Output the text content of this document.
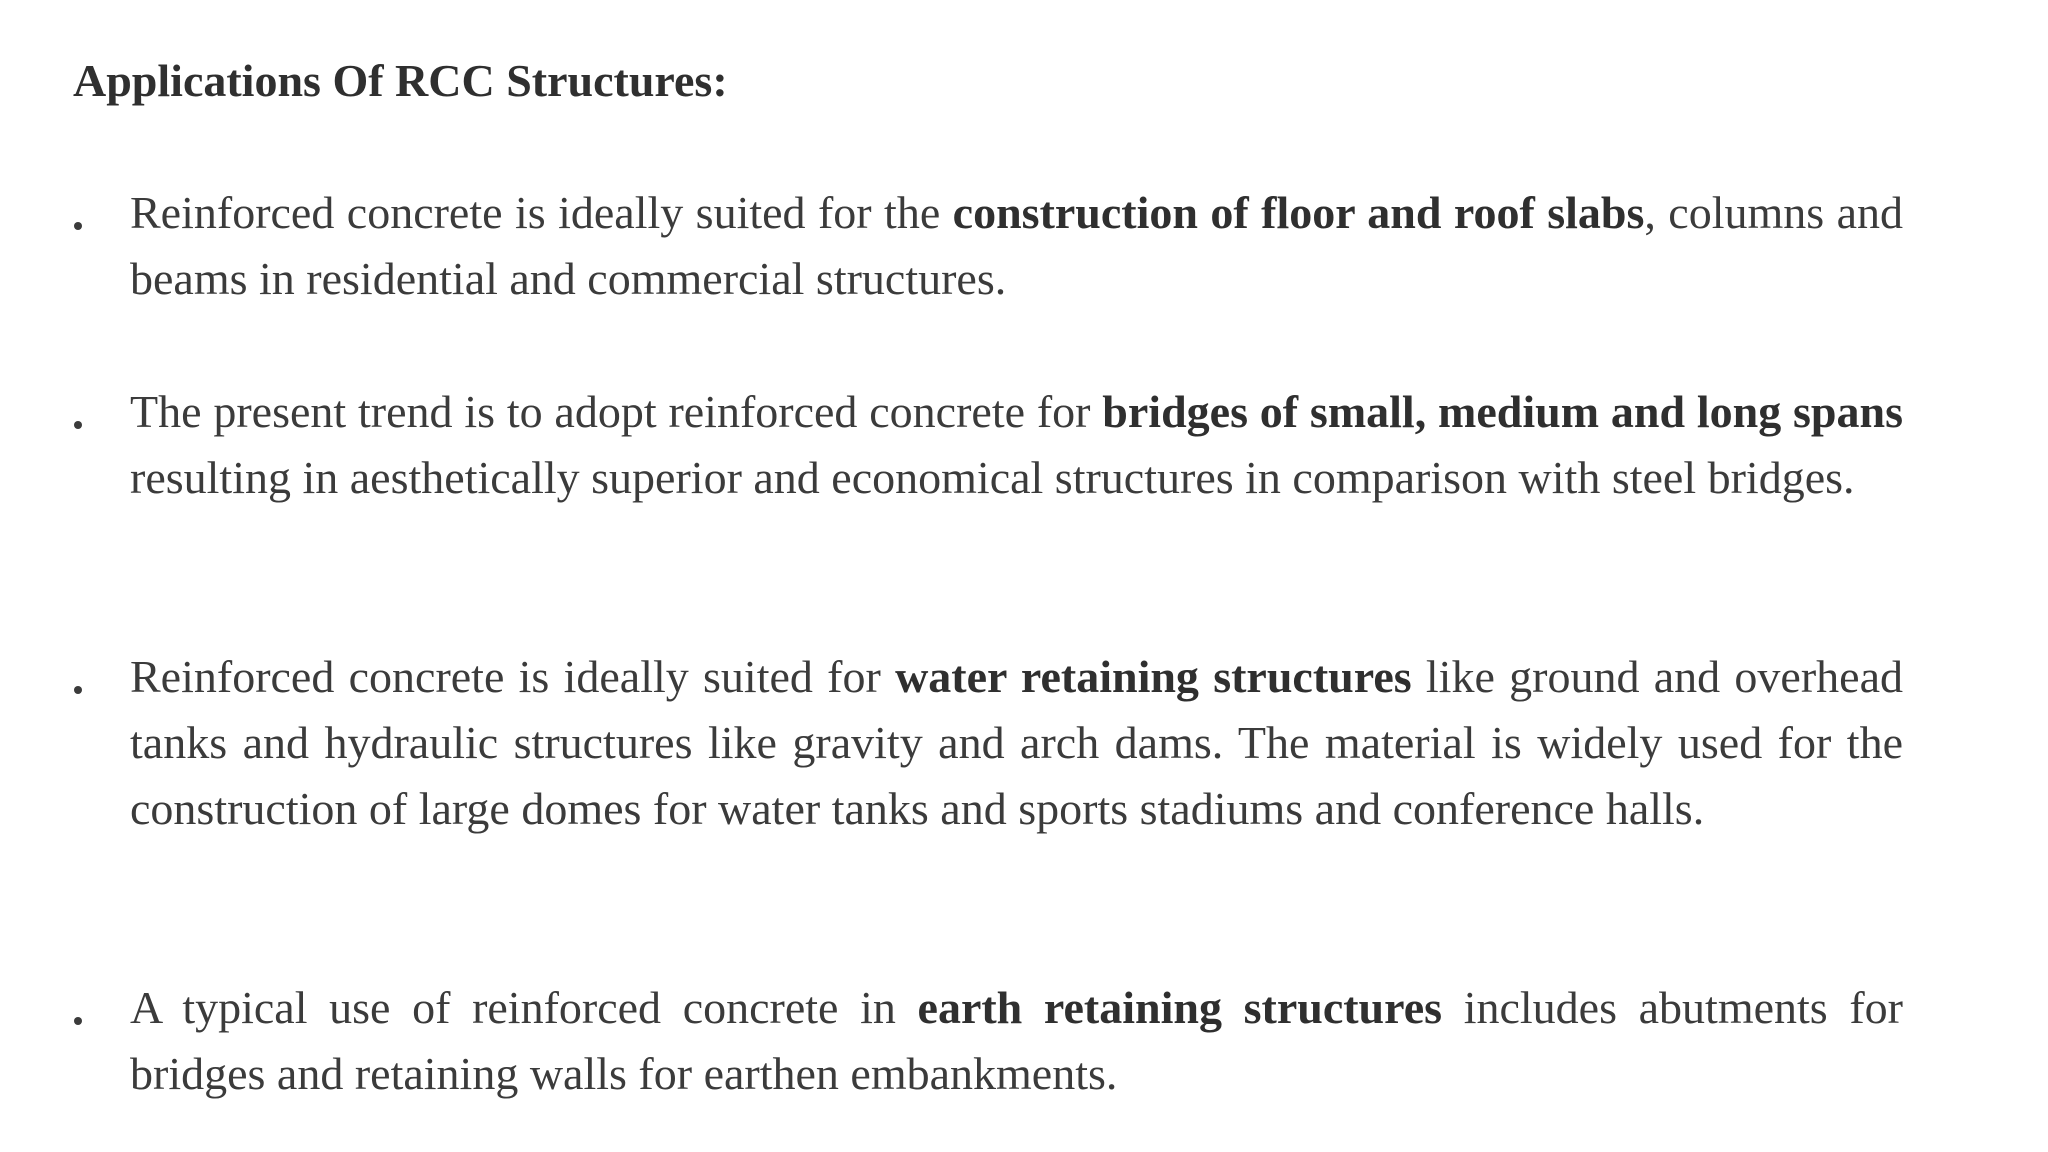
Applications Of RCC Structures:

Reinforced concrete is ideally suited for the construction of floor and roof slabs, columns and beams in residential and commercial structures.

The present trend is to adopt reinforced concrete for bridges of small, medium and long spans resulting in aesthetically superior and economical structures in comparison with steel bridges.

Reinforced concrete is ideally suited for water retaining structures like ground and overhead tanks and hydraulic structures like gravity and arch dams. The material is widely used for the construction of large domes for water tanks and sports stadiums and conference halls.

A typical use of reinforced concrete in earth retaining structures includes abutments for bridges and retaining walls for earthen embankments.
